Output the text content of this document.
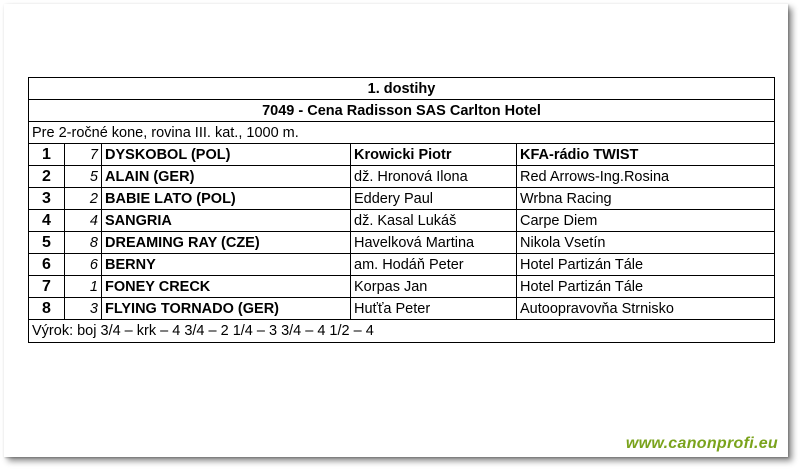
1. dostihy				
7049 - Cena Radisson SAS Carlton Hotel				
Pre 2-ročné kone, rovina III. kat., 1000 m.				
1	7	DYSKOBOL (POL)	Krowicki Piotr	KFA-rádio TWIST
2	5	ALAIN (GER)	dž. Hronová Ilona	Red Arrows-Ing.Rosina
3	2	BABIE LATO (POL)	Eddery Paul	Wrbna Racing
4	4	SANGRIA	dž. Kasal Lukáš	Carpe Diem
5	8	DREAMING RAY (CZE)	Havelková Martina	Nikola Vsetín
6	6	BERNY	am. Hodáň Peter	Hotel Partizán Tále
7	1	FONEY CRECK	Korpas Jan	Hotel Partizán Tále
8	3	FLYING TORNADO (GER)	Huťťa Peter	Autoopravovňa Strnisko
Výrok: boj 3/4 – krk – 4 3/4 – 2 1/4 – 3 3/4 – 4 1/2 – 4				
www.canonprofi.eu
